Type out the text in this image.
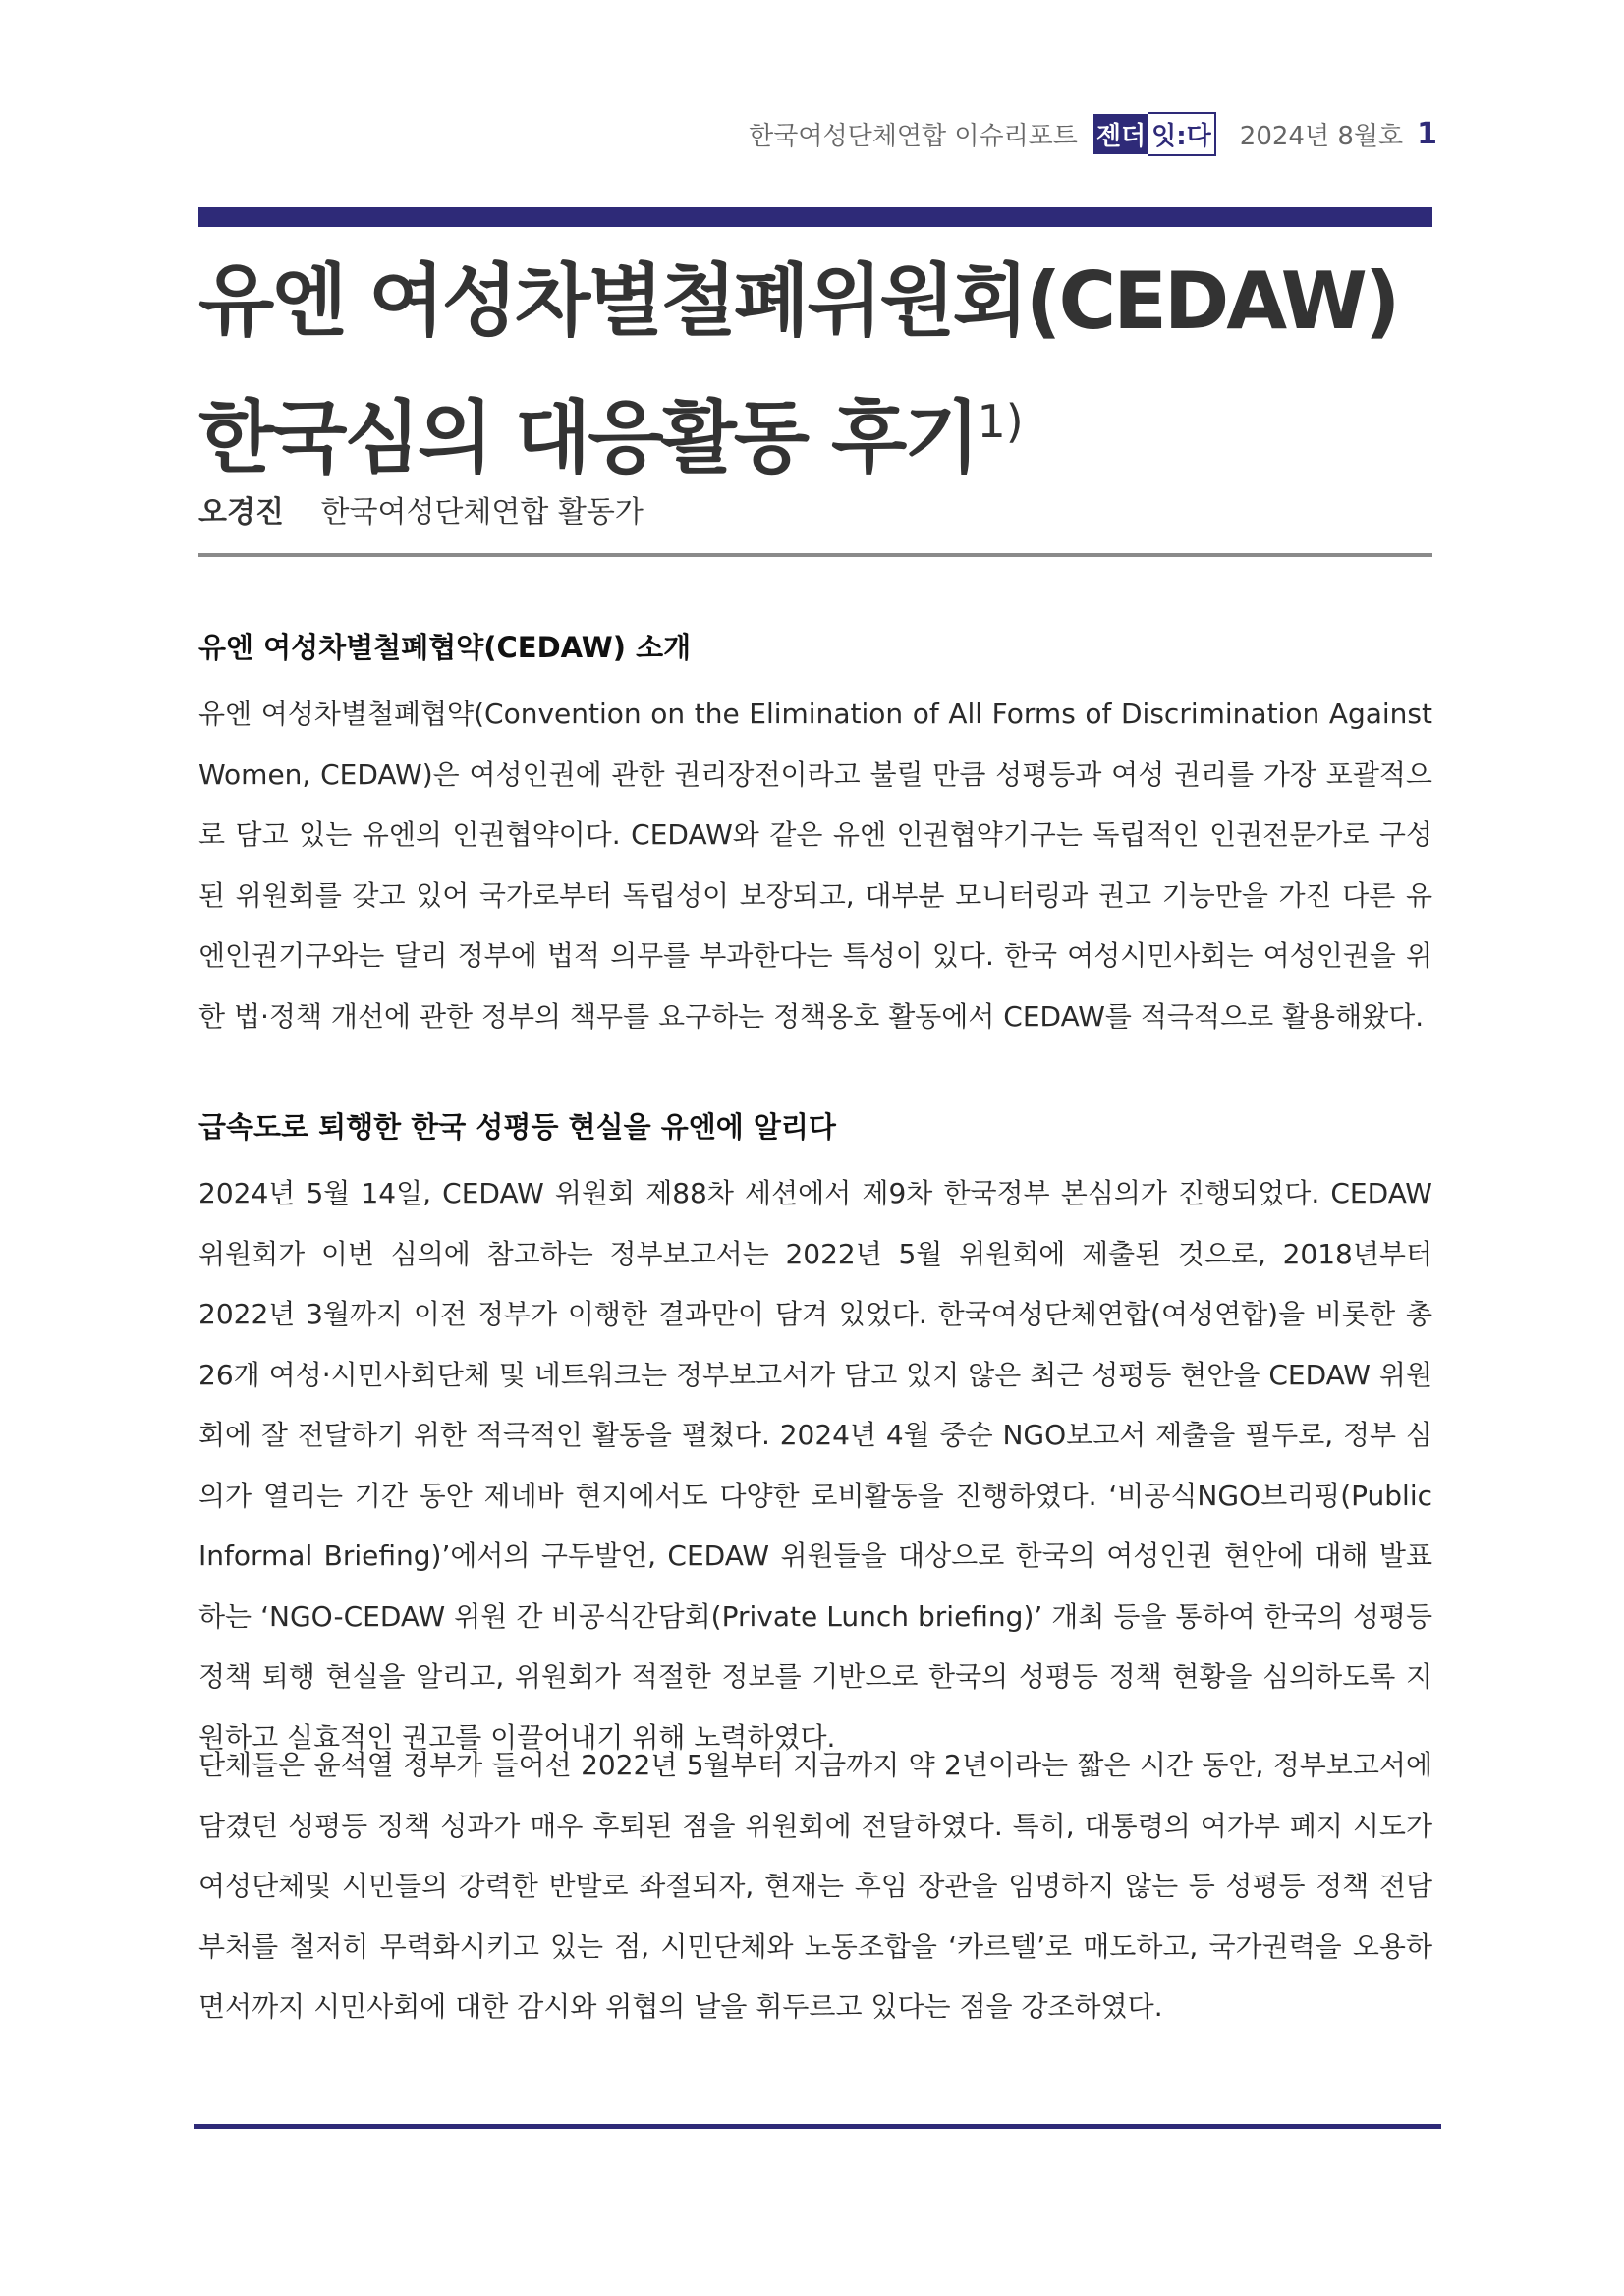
한국여성단체연합 이슈리포트 젠더 잇:다 2024년 8월호 1
유엔 여성차별철폐위원회(CEDAW)
한국심의 대응활동 후기$^{1)}$
오경진 한국여성단체연합 활동가
유엔 여성차별철폐협약(CEDAW) 소개

유엔 여성차별철폐협약(Convention on the Elimination of All Forms of Discrimination Against Women, CEDAW)은 여성인권에 관한 권리장전이라고 불릴 만큼 성평등과 여성 권리를 가장 포괄적으로 담고 있는 유엔의 인권협약이다. CEDAW와 같은 유엔 인권협약기구는 독립적인 인권전문가로 구성된 위원회를 갖고 있어 국가로부터 독립성이 보장되고, 대부분 모니터링과 권고 기능만을 가진 다른 유엔인권기구와는 달리 정부에 법적 의무를 부과한다는 특성이 있다. 한국 여성시민사회는 여성인권을 위한 법·정책 개선에 관한 정부의 책무를 요구하는 정책옹호 활동에서 CEDAW를 적극적으로 활용해왔다.

급속도로 퇴행한 한국 성평등 현실을 유엔에 알리다

2024년 5월 14일, CEDAW 위원회 제88차 세션에서 제9차 한국정부 본심의가 진행되었다. CEDAW 위원회가 이번 심의에 참고하는 정부보고서는 2022년 5월 위원회에 제출된 것으로, 2018년부터 2022년 3월까지 이전 정부가 이행한 결과만이 담겨 있었다. 한국여성단체연합(여성연합)을 비롯한 총 26개 여성·시민사회단체 및 네트워크는 정부보고서가 담고 있지 않은 최근 성평등 현안을 CEDAW 위원회에 잘 전달하기 위한 적극적인 활동을 펼쳤다. 2024년 4월 중순 NGO보고서 제출을 필두로, 정부 심의가 열리는 기간 동안 제네바 현지에서도 다양한 로비활동을 진행하였다. ‘비공식NGO브리핑(Public Informal Briefing)’에서의 구두발언, CEDAW 위원들을 대상으로 한국의 여성인권 현안에 대해 발표하는 ‘NGO-CEDAW 위원 간 비공식간담회(Private Lunch briefing)’ 개최 등을 통하여 한국의 성평등 정책 퇴행 현실을 알리고, 위원회가 적절한 정보를 기반으로 한국의 성평등 정책 현황을 심의하도록 지원하고 실효적인 권고를 이끌어내기 위해 노력하였다.

단체들은 윤석열 정부가 들어선 2022년 5월부터 지금까지 약 2년이라는 짧은 시간 동안, 정부보고서에 담겼던 성평등 정책 성과가 매우 후퇴된 점을 위원회에 전달하였다. 특히, 대통령의 여가부 폐지 시도가 여성단체및 시민들의 강력한 반발로 좌절되자, 현재는 후임 장관을 임명하지 않는 등 성평등 정책 전담 부처를 철저히 무력화시키고 있는 점, 시민단체와 노동조합을 ‘카르텔’로 매도하고, 국가권력을 오용하면서까지 시민사회에 대한 감시와 위협의 날을 휘두르고 있다는 점을 강조하였다.
